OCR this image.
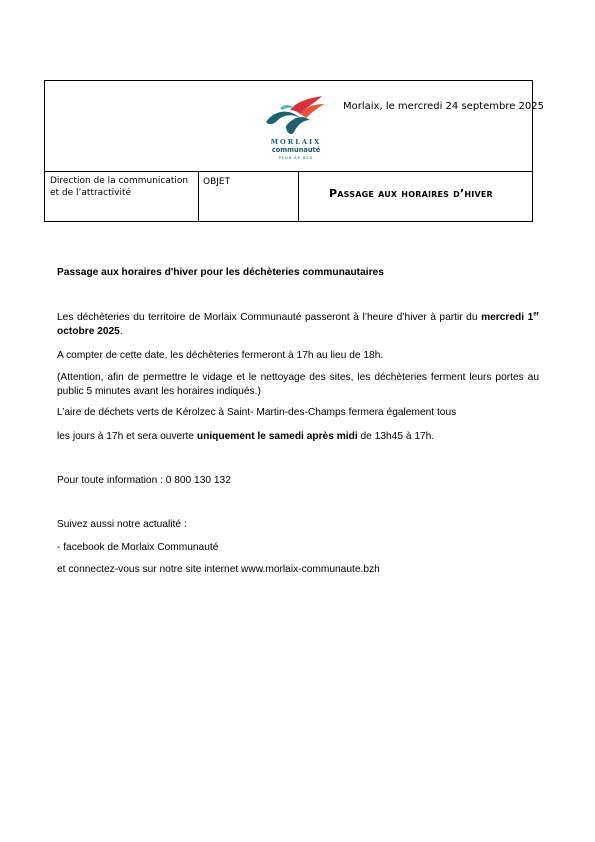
MORLAIX
communauté
PENN AR BED
Morlaix, le mercredi 24 septembre 2025
Direction de la communication et de l’attractivité
OBJET
Passage aux horaires d’hiver
Passage aux horaires d'hiver pour les déchèteries communautaires
Les déchèteries du territoire de Morlaix Communauté passeront à l’heure d’hiver à partir du mercredi 1er octobre 2025.
A compter de cette date, les déchèteries fermeront à 17h au lieu de 18h.
(Attention, afin de permettre le vidage et le nettoyage des sites, les déchèteries ferment leurs portes au public 5 minutes avant les horaires indiqués.)
L’aire de déchets verts de Kérolzec à Saint- Martin-des-Champs fermera également tous
les jours à 17h et sera ouverte uniquement le samedi après midi de 13h45 à 17h.
Pour toute information : 0 800 130 132
Suivez aussi notre actualité :
- facebook de Morlaix Communauté
et connectez-vous sur notre site internet www.morlaix-communaute.bzh
